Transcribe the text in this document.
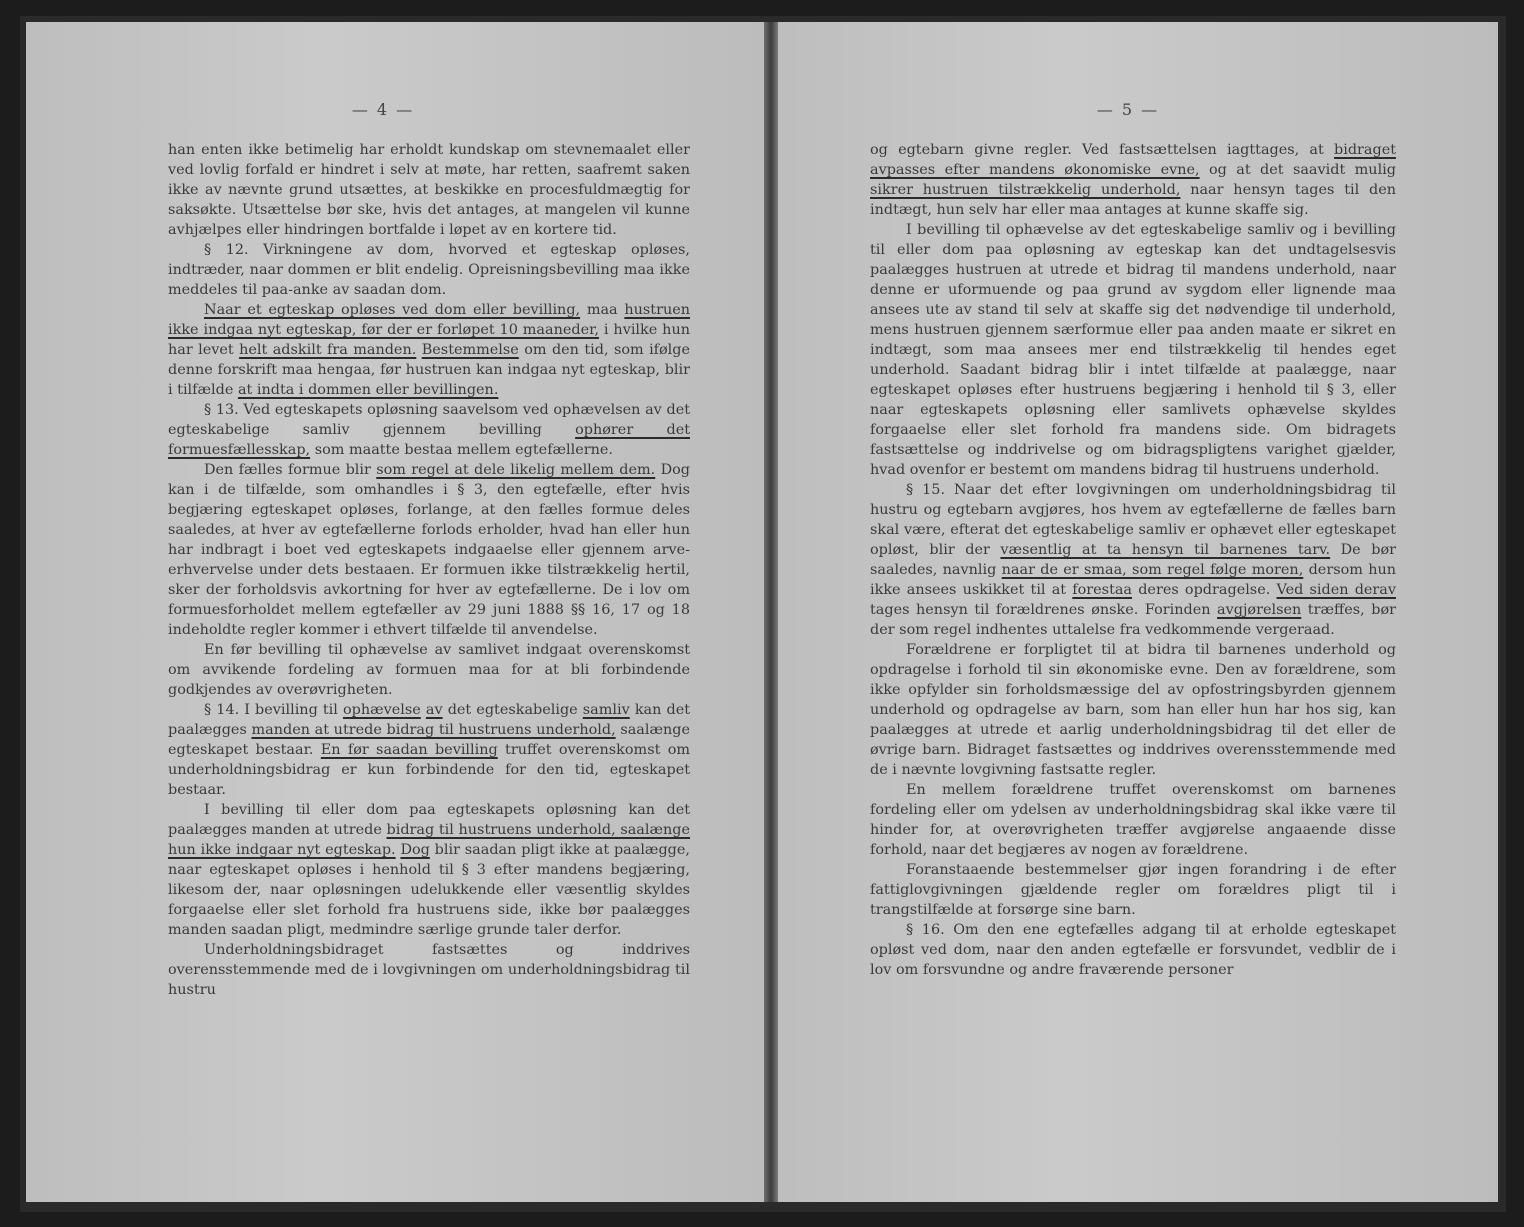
— 4 —

han enten ikke betimelig har erholdt kundskap om stevnemaalet eller ved lovlig forfald er hindret i selv at møte, har retten, saafremt saken ikke av nævnte grund utsættes, at beskikke en procesfuldmægtig for saksøkte. Utsættelse bør ske, hvis det antages, at mangelen vil kunne avhjælpes eller hindringen bortfalde i løpet av en kortere tid.

§ 12. Virkningene av dom, hvorved et egteskap opløses, indtræder, naar dommen er blit endelig. Opreisningsbevilling maa ikke meddeles til paa-anke av saadan dom.

Naar et egteskap opløses ved dom eller bevilling, maa hustruen ikke indgaa nyt egteskap, før der er forløpet 10 maaneder, i hvilke hun har levet helt adskilt fra manden. Bestemmelse om den tid, som ifølge denne forskrift maa hengaa, før hustruen kan indgaa nyt egteskap, blir i tilfælde at indta i dommen eller bevillingen.

§ 13. Ved egteskapets opløsning saavelsom ved ophævelsen av det egteskabelige samliv gjennem bevilling ophører det formuesfællesskap, som maatte bestaa mellem egtefællerne.

Den fælles formue blir som regel at dele likelig mellem dem. Dog kan i de tilfælde, som omhandles i § 3, den egtefælle, efter hvis begjæring egteskapet opløses, forlange, at den fælles formue deles saaledes, at hver av egtefællerne forlods erholder, hvad han eller hun har indbragt i boet ved egteskapets indgaaelse eller gjennem arve-erhvervelse under dets bestaaen. Er formuen ikke tilstrækkelig hertil, sker der forholdsvis avkortning for hver av egtefællerne. De i lov om formuesforholdet mellem egtefæller av 29 juni 1888 §§ 16, 17 og 18 indeholdte regler kommer i ethvert tilfælde til anvendelse.

En før bevilling til ophævelse av samlivet indgaat overenskomst om avvikende fordeling av formuen maa for at bli forbindende godkjendes av overøvrigheten.

§ 14. I bevilling til ophævelse av det egteskabelige samliv kan det paalægges manden at utrede bidrag til hustruens underhold, saalænge egteskapet bestaar. En før saadan bevilling truffet overenskomst om underholdningsbidrag er kun forbindende for den tid, egteskapet bestaar.

I bevilling til eller dom paa egteskapets opløsning kan det paalægges manden at utrede bidrag til hustruens underhold, saalænge hun ikke indgaar nyt egteskap. Dog blir saadan pligt ikke at paalægge, naar egteskapet opløses i henhold til § 3 efter mandens begjæring, likesom der, naar opløsningen udelukkende eller væsentlig skyldes forgaaelse eller slet forhold fra hustruens side, ikke bør paalægges manden saadan pligt, medmindre særlige grunde taler derfor.

Underholdningsbidraget fastsættes og inddrives overensstemmende med de i lovgivningen om underholdningsbidrag til hustru

— 5 —

og egtebarn givne regler. Ved fastsættelsen iagttages, at bidraget avpasses efter mandens økonomiske evne, og at det saavidt mulig sikrer hustruen tilstrækkelig underhold, naar hensyn tages til den indtægt, hun selv har eller maa antages at kunne skaffe sig.

I bevilling til ophævelse av det egteskabelige samliv og i bevilling til eller dom paa opløsning av egteskap kan det undtagelsesvis paalægges hustruen at utrede et bidrag til mandens underhold, naar denne er uformuende og paa grund av sygdom eller lignende maa ansees ute av stand til selv at skaffe sig det nødvendige til underhold, mens hustruen gjennem særformue eller paa anden maate er sikret en indtægt, som maa ansees mer end tilstrækkelig til hendes eget underhold. Saadant bidrag blir i intet tilfælde at paalægge, naar egteskapet opløses efter hustruens begjæring i henhold til § 3, eller naar egteskapets opløsning eller samlivets ophævelse skyldes forgaaelse eller slet forhold fra mandens side. Om bidragets fastsættelse og inddrivelse og om bidragspligtens varighet gjælder, hvad ovenfor er bestemt om mandens bidrag til hustruens underhold.

§ 15. Naar det efter lovgivningen om underholdningsbidrag til hustru og egtebarn avgjøres, hos hvem av egtefællerne de fælles barn skal være, efterat det egteskabelige samliv er ophævet eller egteskapet opløst, blir der væsentlig at ta hensyn til barnenes tarv. De bør saaledes, navnlig naar de er smaa, som regel følge moren, dersom hun ikke ansees uskikket til at forestaa deres opdragelse. Ved siden derav tages hensyn til forældrenes ønske. Forinden avgjørelsen træffes, bør der som regel indhentes uttalelse fra vedkommende vergeraad.

Forældrene er forpligtet til at bidra til barnenes underhold og opdragelse i forhold til sin økonomiske evne. Den av forældrene, som ikke opfylder sin forholdsmæssige del av opfostringsbyrden gjennem underhold og opdragelse av barn, som han eller hun har hos sig, kan paalægges at utrede et aarlig underholdningsbidrag til det eller de øvrige barn. Bidraget fastsættes og inddrives overensstemmende med de i nævnte lovgivning fastsatte regler.

En mellem forældrene truffet overenskomst om barnenes fordeling eller om ydelsen av underholdningsbidrag skal ikke være til hinder for, at overøvrigheten træffer avgjørelse angaaende disse forhold, naar det begjæres av nogen av forældrene.

Foranstaaende bestemmelser gjør ingen forandring i de efter fattiglovgivningen gjældende regler om forældres pligt til i trangstilfælde at forsørge sine barn.

§ 16. Om den ene egtefælles adgang til at erholde egteskapet opløst ved dom, naar den anden egtefælle er forsvundet, vedblir de i lov om forsvundne og andre fraværende personer
